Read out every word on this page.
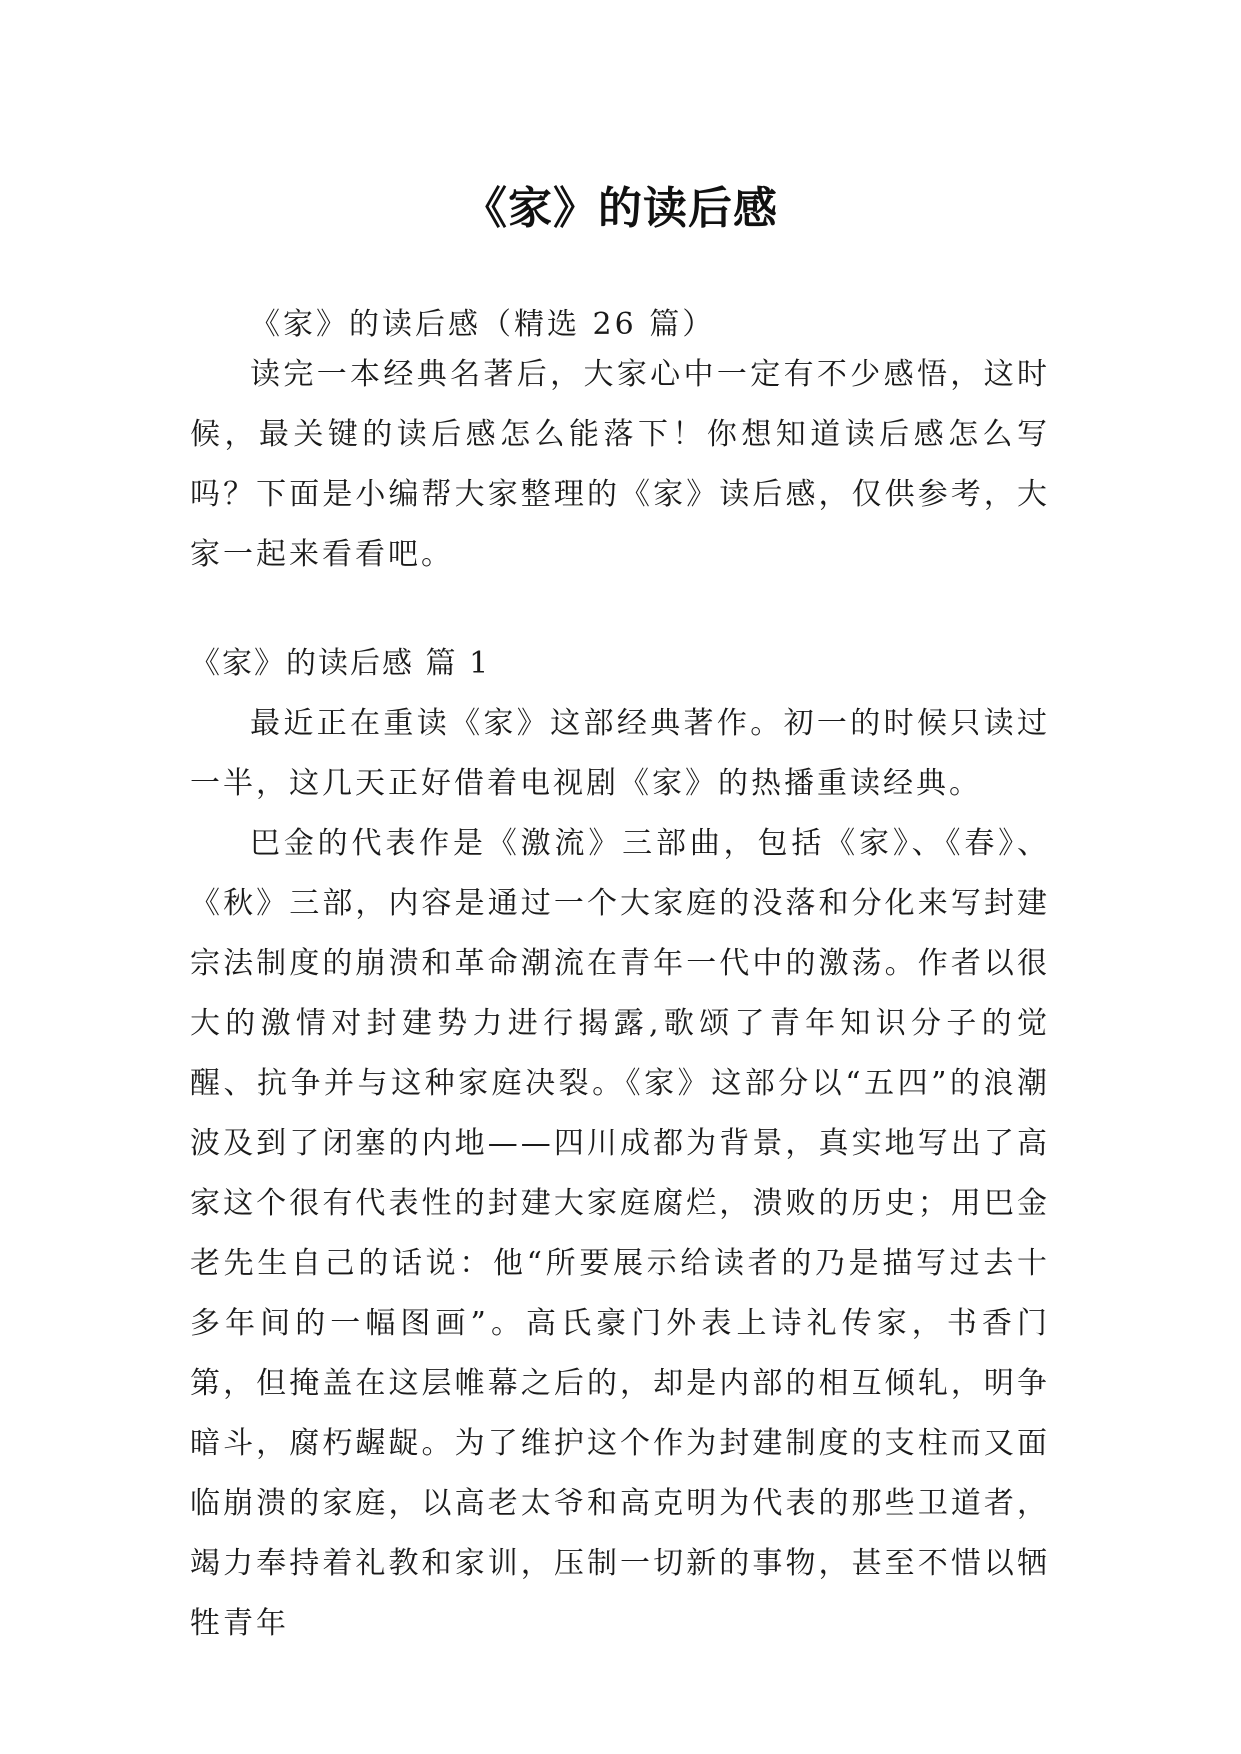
《家》的读后感

《家》的读后感（精选 26 篇）

读完一本经典名著后，大家心中一定有不少感悟，这时候，最关键的读后感怎么能落下！你想知道读后感怎么写吗？下面是小编帮大家整理的《家》读后感，仅供参考，大家一起来看看吧。

《家》的读后感 篇 1

最近正在重读《家》这部经典著作。初一的时候只读过一半，这几天正好借着电视剧《家》的热播重读经典。

巴金的代表作是《激流》三部曲，包括《家》、《春》、《秋》三部，内容是通过一个大家庭的没落和分化来写封建宗法制度的崩溃和革命潮流在青年一代中的激荡。作者以很大的激情对封建势力进行揭露,歌颂了青年知识分子的觉醒、抗争并与这种家庭决裂。《家》这部分以“五四”的浪潮波及到了闭塞的内地——四川成都为背景，真实地写出了高家这个很有代表性的封建大家庭腐烂，溃败的历史；用巴金老先生自己的话说：他“所要展示给读者的乃是描写过去十多年间的一幅图画”。高氏豪门外表上诗礼传家，书香门第，但掩盖在这层帷幕之后的，却是内部的相互倾轧，明争暗斗，腐朽龌龊。为了维护这个作为封建制度的支柱而又面临崩溃的家庭，以高老太爷和高克明为代表的那些卫道者，竭力奉持着礼教和家训，压制一切新的事物，甚至不惜以牺牲青年
